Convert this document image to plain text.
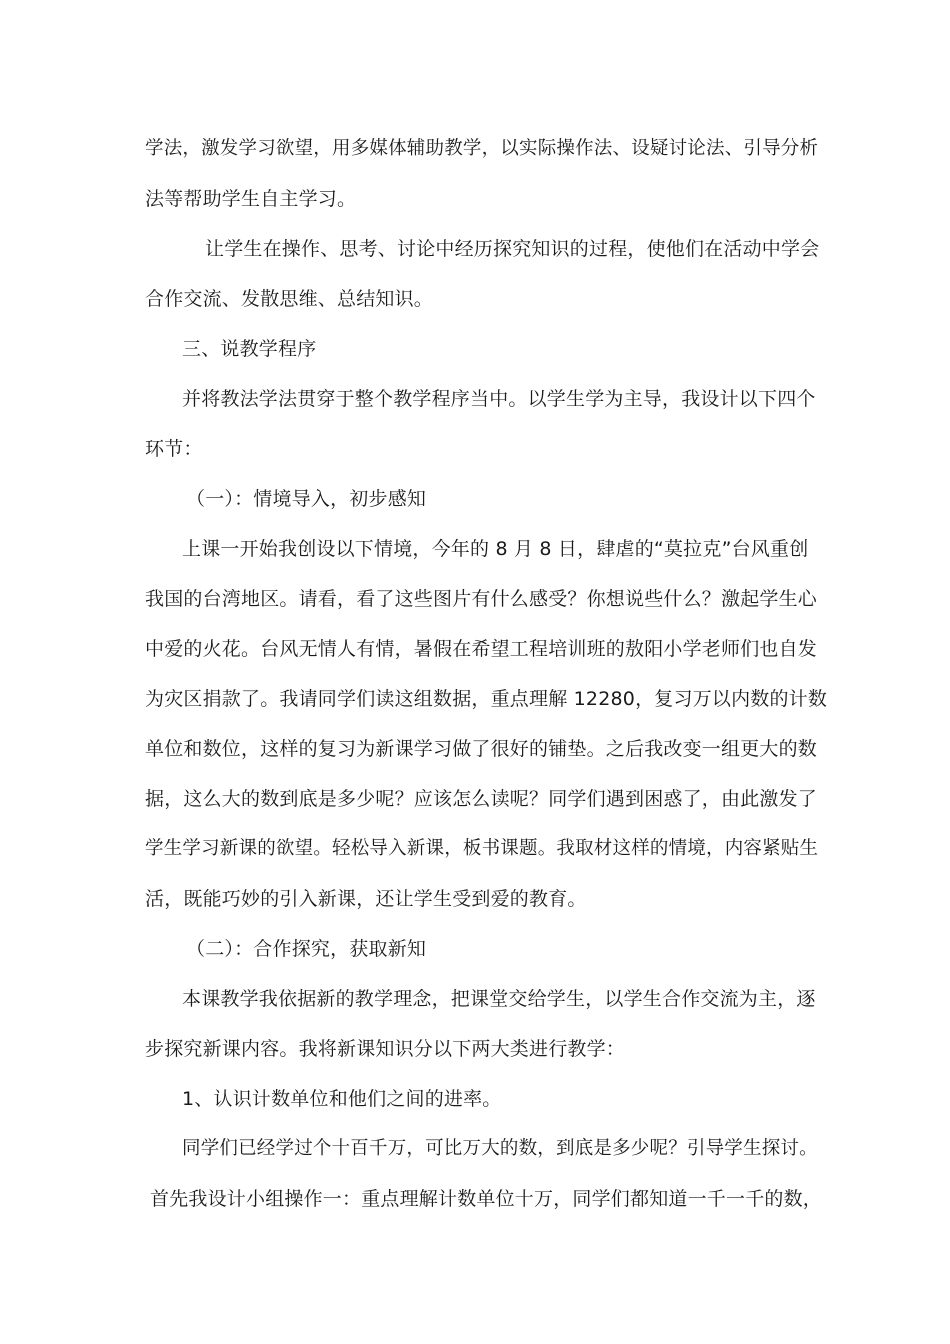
学法，激发学习欲望，用多媒体辅助教学，以实际操作法、设疑讨论法、引导分析
法等帮助学生自主学习。
让学生在操作、思考、讨论中经历探究知识的过程，使他们在活动中学会
合作交流、发散思维、总结知识。
三、说教学程序
并将教法学法贯穿于整个教学程序当中。以学生学为主导，我设计以下四个
环节：
（一）：情境导入，初步感知
上课一开始我创设以下情境，今年的 8 月 8 日，肆虐的“莫拉克”台风重创
我国的台湾地区。请看，看了这些图片有什么感受？你想说些什么？激起学生心
中爱的火花。台风无情人有情，暑假在希望工程培训班的敖阳小学老师们也自发
为灾区捐款了。我请同学们读这组数据，重点理解 12280，复习万以内数的计数
单位和数位，这样的复习为新课学习做了很好的铺垫。之后我改变一组更大的数
据，这么大的数到底是多少呢？应该怎么读呢？同学们遇到困惑了，由此激发了
学生学习新课的欲望。轻松导入新课，板书课题。我取材这样的情境，内容紧贴生
活，既能巧妙的引入新课，还让学生受到爱的教育。
（二）：合作探究，获取新知
本课教学我依据新的教学理念，把课堂交给学生，以学生合作交流为主，逐
步探究新课内容。我将新课知识分以下两大类进行教学：
1、认识计数单位和他们之间的进率。
同学们已经学过个十百千万，可比万大的数，到底是多少呢？引导学生探讨。
首先我设计小组操作一：重点理解计数单位十万，同学们都知道一千一千的数，
